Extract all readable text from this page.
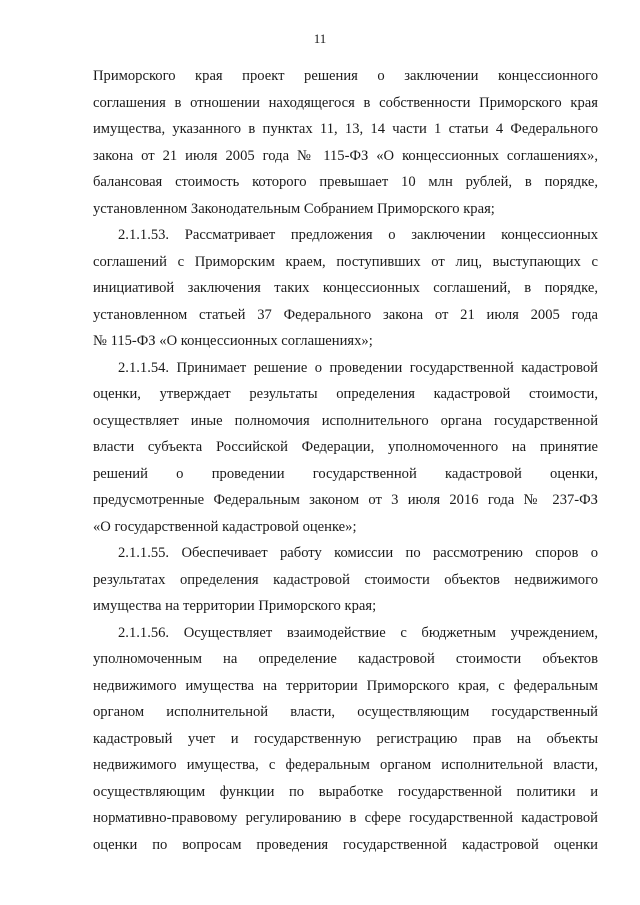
11
Приморского края проект решения о заключении концессионного
соглашения в отношении находящегося в собственности Приморского края
имущества, указанного в пунктах 11, 13, 14 части 1 статьи 4 Федерального
закона от 21 июля 2005 года № 115-ФЗ «О концессионных соглашениях»,
балансовая стоимость которого превышает 10 млн рублей, в порядке,
установленном Законодательным Собранием Приморского края;
2.1.1.53. Рассматривает предложения о заключении концессионных
соглашений с Приморским краем, поступивших от лиц, выступающих с
инициативой заключения таких концессионных соглашений, в порядке,
установленном статьей 37 Федерального закона от 21 июля 2005 года
№ 115-ФЗ «О концессионных соглашениях»;
2.1.1.54. Принимает решение о проведении государственной кадастровой
оценки, утверждает результаты определения кадастровой стоимости,
осуществляет иные полномочия исполнительного органа государственной
власти субъекта Российской Федерации, уполномоченного на принятие
решений о проведении государственной кадастровой оценки,
предусмотренные Федеральным законом от 3 июля 2016 года № 237-ФЗ
«О государственной кадастровой оценке»;
2.1.1.55. Обеспечивает работу комиссии по рассмотрению споров о
результатах определения кадастровой стоимости объектов недвижимого
имущества на территории Приморского края;
2.1.1.56. Осуществляет взаимодействие с бюджетным учреждением,
уполномоченным на определение кадастровой стоимости объектов
недвижимого имущества на территории Приморского края, с федеральным
органом исполнительной власти, осуществляющим государственный
кадастровый учет и государственную регистрацию прав на объекты
недвижимого имущества, с федеральным органом исполнительной власти,
осуществляющим функции по выработке государственной политики и
нормативно-правовому регулированию в сфере государственной кадастровой
оценки по вопросам проведения государственной кадастровой оценки
